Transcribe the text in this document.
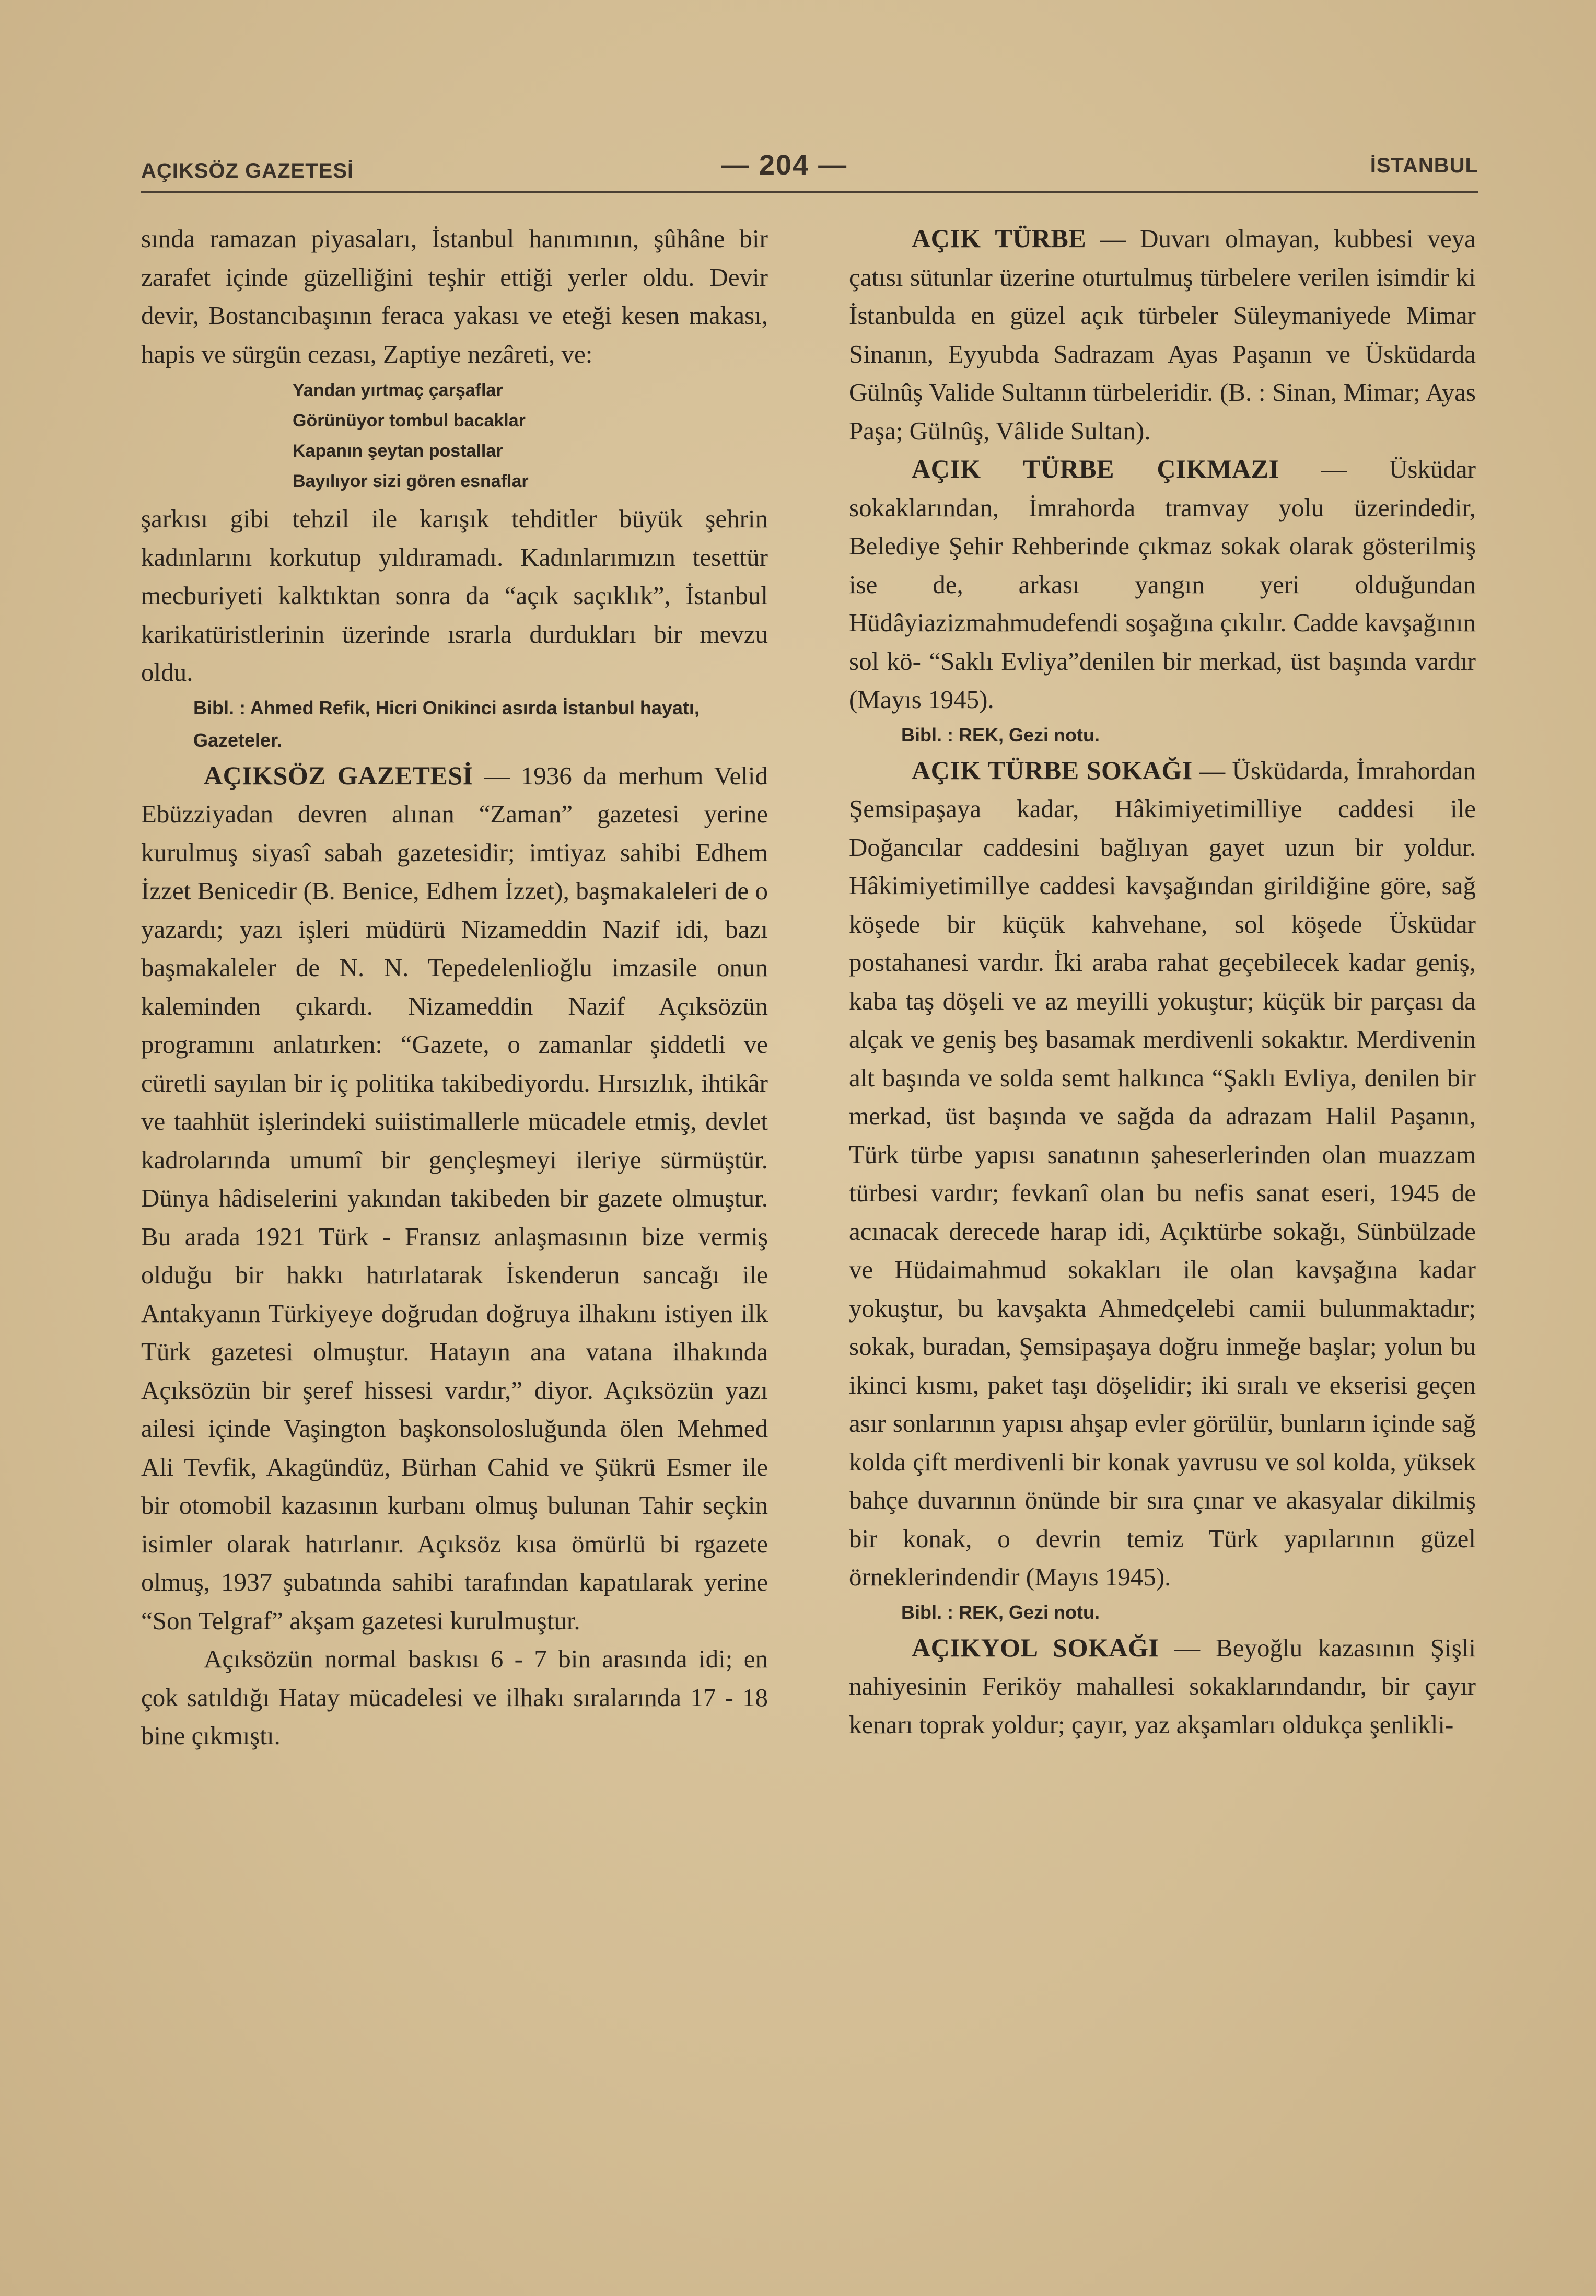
AÇIKSÖZ GAZETESİ	— 204 —	İSTANBUL

sında ramazan piyasaları, İstanbul hanımının, şûhâne bir zarafet içinde güzelliğini teşhir ettiği yerler oldu. Devir devir, Bostancıbaşının feraca yakası ve eteği kesen makası, hapis ve sürgün cezası, Zaptiye nezâreti, ve:

Yandan yırtmaç çarşaflar
Görünüyor tombul bacaklar
Kapanın şeytan postallar
Bayılıyor sizi gören esnaflar

şarkısı gibi tehzil ile karışık tehditler büyük şehrin kadınlarını korkutup yıldıramadı. Kadınlarımızın tesettür mecburiyeti kalktıktan sonra da “açık saçıklık”, İstanbul karikatüristlerinin üzerinde ısrarla durdukları bir mevzu oldu.

Bibl. : Ahmed Refik, Hicri Onikinci asırda İstanbul hayatı, Gazeteler.

AÇIKSÖZ GAZETESİ — 1936 da merhum Velid Ebüzziyadan devren alınan “Zaman” gazetesi yerine kurulmuş siyasî sabah gazetesidir; imtiyaz sahibi Edhem İzzet Benicedir (B. Benice, Edhem İzzet), başmakaleleri de o yazardı; yazı işleri müdürü Nizameddin Nazif idi, bazı başmakaleler de N. N. Tepedelenlioğlu imzasile onun kaleminden çıkardı. Nizameddin Nazif Açıksözün programını anlatırken: “Gazete, o zamanlar şiddetli ve cüretli sayılan bir iç politika takibediyordu. Hırsızlık, ihtikâr ve taahhüt işlerindeki suiistimallerle mücadele etmiş, devlet kadrolarında umumî bir gençleşmeyi ileriye sürmüştür. Dünya hâdiselerini yakından takibeden bir gazete olmuştur. Bu arada 1921 Türk - Fransız anlaşmasının bize vermiş olduğu bir hakkı hatırlatarak İskenderun sancağı ile Antakyanın Türkiyeye doğrudan doğruya ilhakını istiyen ilk Türk gazetesi olmuştur. Hatayın ana vatana ilhakında Açıksözün bir şeref hissesi vardır,” diyor. Açıksözün yazı ailesi içinde Vaşington başkonsolosluğunda ölen Mehmed Ali Tevfik, Akagündüz, Bürhan Cahid ve Şükrü Esmer ile bir otomobil kazasının kurbanı olmuş bulunan Tahir seçkin isimler olarak hatırlanır. Açıksöz kısa ömürlü bi rgazete olmuş, 1937 şubatında sahibi tarafından kapatılarak yerine “Son Telgraf” akşam gazetesi kurulmuştur.

Açıksözün normal baskısı 6 - 7 bin arasında idi; en çok satıldığı Hatay mücadelesi ve ilhakı sıralarında 17 - 18 bine çıkmıştı.

AÇIK TÜRBE — Duvarı olmayan, kubbesi veya çatısı sütunlar üzerine oturtulmuş türbelere verilen isimdir ki İstanbulda en güzel açık türbeler Süleymaniyede Mimar Sinanın, Eyyubda Sadrazam Ayas Paşanın ve Üsküdarda Gülnûş Valide Sultanın türbeleridir. (B. : Sinan, Mimar; Ayas Paşa; Gülnûş, Vâlide Sultan).

AÇIK TÜRBE ÇIKMAZI — Üsküdar sokaklarından, İmrahorda tramvay yolu üzerindedir, Belediye Şehir Rehberinde çıkmaz sokak olarak gösterilmiş ise de, arkası yangın yeri olduğundan Hüdâyiazizmahmudefendi soşağına çıkılır. Cadde kavşağının sol kö- “Saklı Evliya”denilen bir merkad, üst başında vardır (Mayıs 1945).

Bibl. : REK, Gezi notu.

AÇIK TÜRBE SOKAĞI — Üsküdarda, İmrahordan Şemsipaşaya kadar, Hâkimiyetimilliye caddesi ile Doğancılar caddesini bağlıyan gayet uzun bir yoldur. Hâkimiyetimillye caddesi kavşağından girildiğine göre, sağ köşede bir küçük kahvehane, sol köşede Üsküdar postahanesi vardır. İki araba rahat geçebilecek kadar geniş, kaba taş döşeli ve az meyilli yokuştur; küçük bir parçası da alçak ve geniş beş basamak merdivenli sokaktır. Merdivenin alt başında ve solda semt halkınca “Şaklı Evliya, denilen bir merkad, üst başında ve sağda da adrazam Halil Paşanın, Türk türbe yapısı sanatının şaheserlerinden olan muazzam türbesi vardır; fevkanî olan bu nefis sanat eseri, 1945 de acınacak derecede harap idi, Açıktürbe sokağı, Sünbülzade ve Hüdaimahmud sokakları ile olan kavşağına kadar yokuştur, bu kavşakta Ahmedçelebi camii bulunmaktadır; sokak, buradan, Şemsipaşaya doğru inmeğe başlar; yolun bu ikinci kısmı, paket taşı döşelidir; iki sıralı ve ekserisi geçen asır sonlarının yapısı ahşap evler görülür, bunların içinde sağ kolda çift merdivenli bir konak yavrusu ve sol kolda, yüksek bahçe duvarının önünde bir sıra çınar ve akasyalar dikilmiş bir konak, o devrin temiz Türk yapılarının güzel örneklerindendir (Mayıs 1945).

Bibl. : REK, Gezi notu.

AÇIKYOL SOKAĞI — Beyoğlu kazasının Şişli nahiyesinin Feriköy mahallesi sokaklarındandır, bir çayır kenarı toprak yoldur; çayır, yaz akşamları oldukça şenlikli-
